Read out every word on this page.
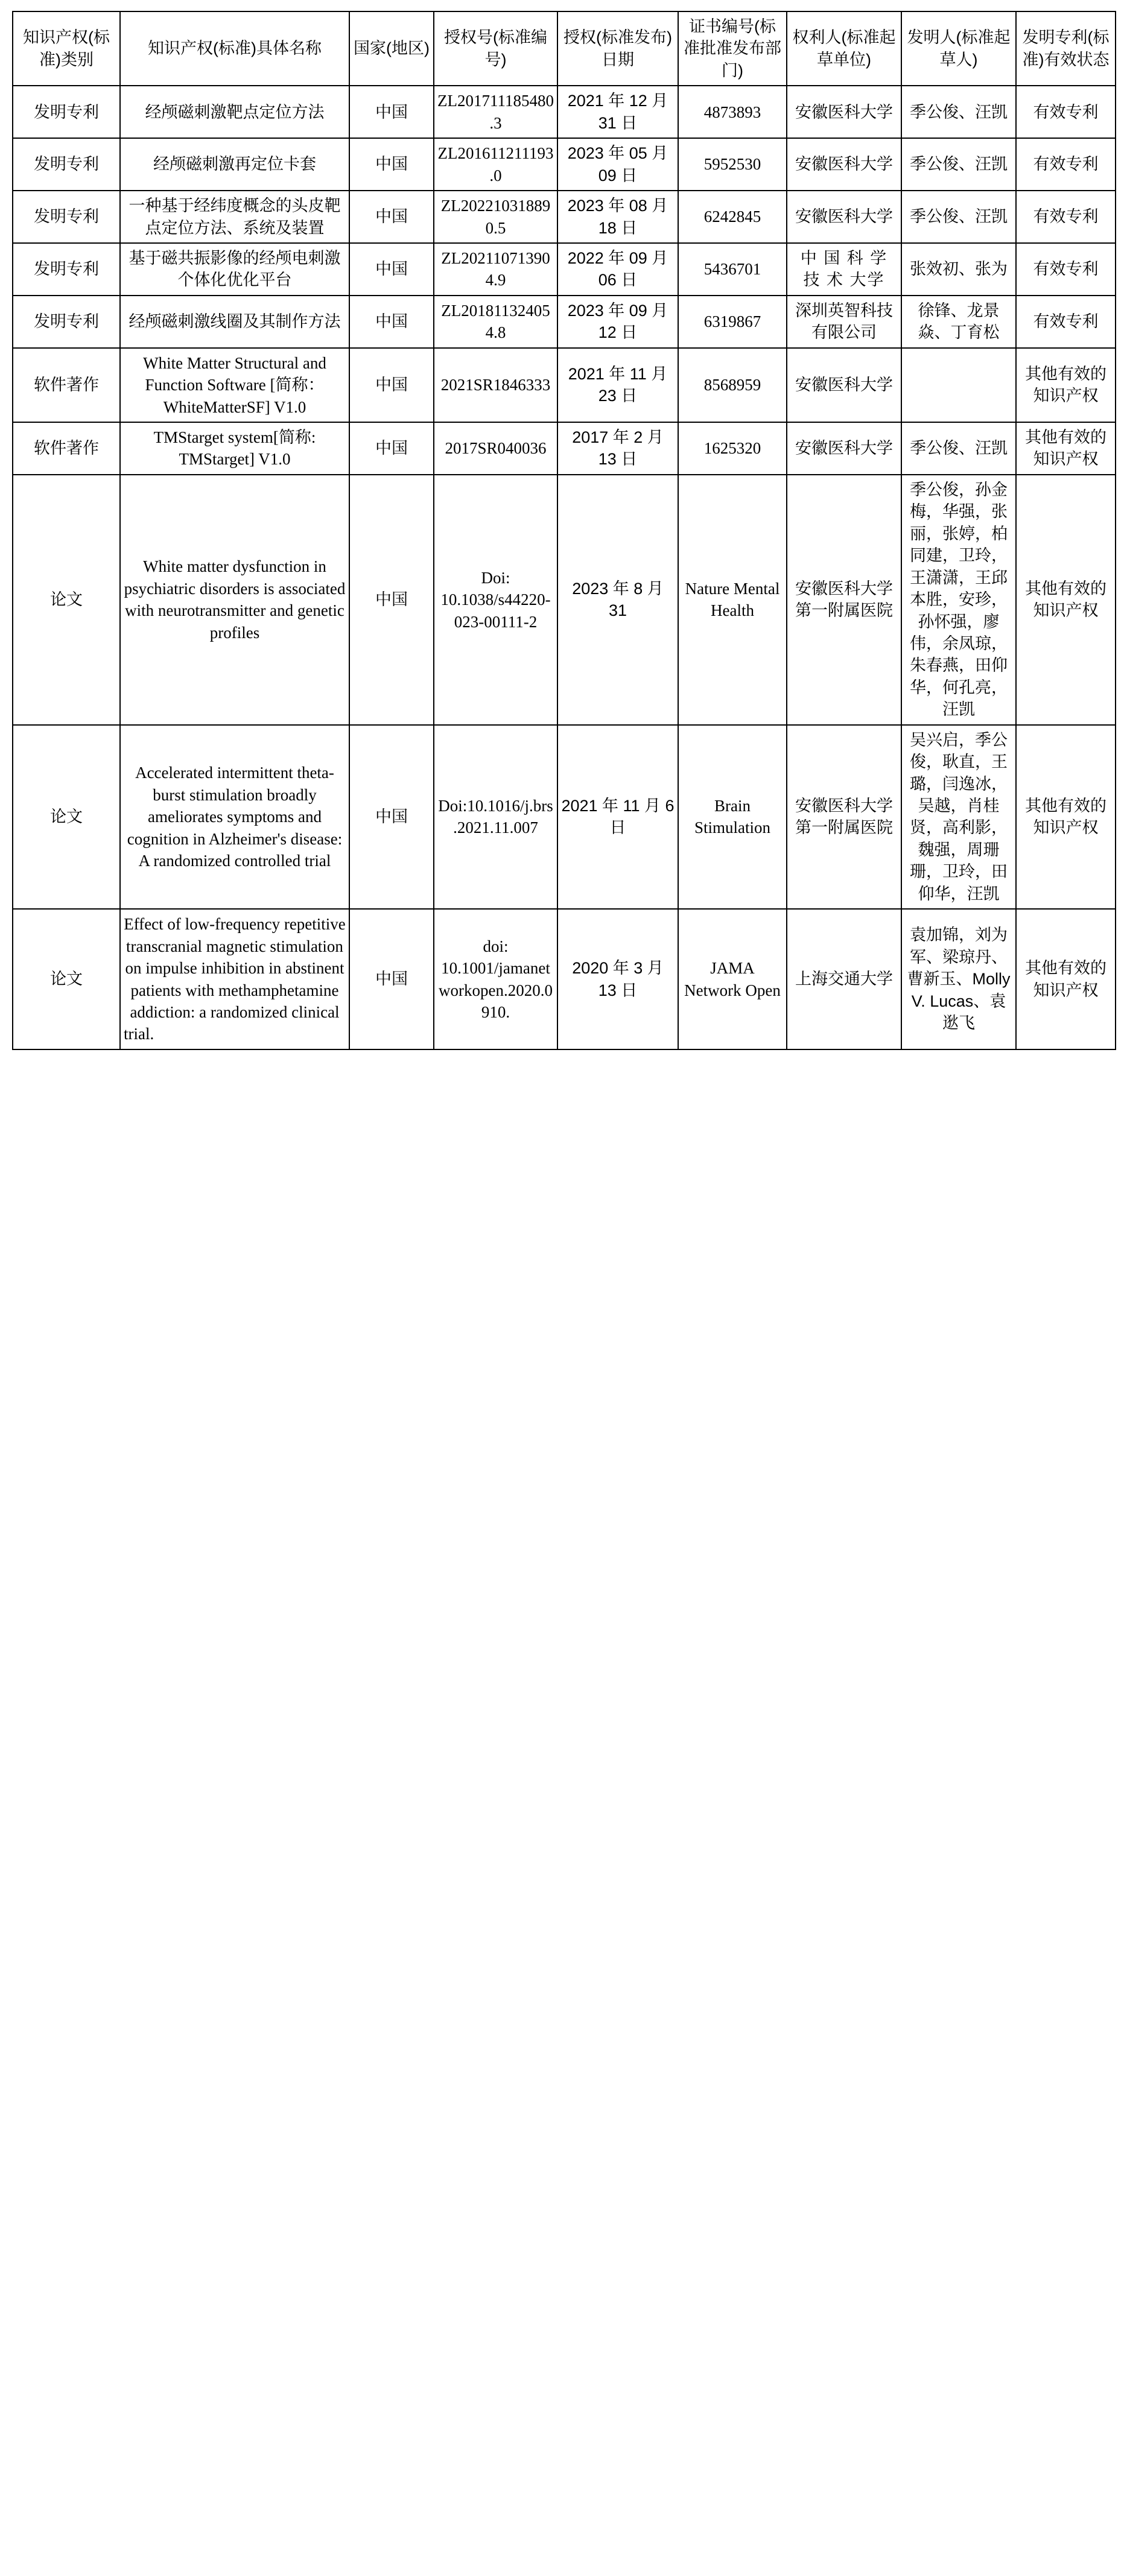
知识产权(标准)类别	知识产权(标准)具体名称	国家(地区)	授权号(标准编号)	授权(标准发布)日期	证书编号(标准批准发布部门)	权利人(标准起草单位)	发明人(标准起草人)	发明专利(标准)有效状态
发明专利	经颅磁刺激靶点定位方法	中国	ZL201711185480.3	2021 年 12 月 31 日	4873893	安徽医科大学	季公俊、汪凯	有效专利
发明专利	经颅磁刺激再定位卡套	中国	ZL201611211193.0	2023 年 05 月 09 日	5952530	安徽医科大学	季公俊、汪凯	有效专利
发明专利	一种基于经纬度概念的头皮靶点定位方法、系统及装置	中国	ZL202210318890.5	2023 年 08 月 18 日	6242845	安徽医科大学	季公俊、汪凯	有效专利
发明专利	基于磁共振影像的经颅电刺激个体化优化平台	中国	ZL202110713904.9	2022 年 09 月 06 日	5436701	中 国 科 学 技 术 大学	张效初、张为	有效专利
发明专利	经颅磁刺激线圈及其制作方法	中国	ZL201811324054.8	2023 年 09 月 12 日	6319867	深圳英智科技有限公司	徐锋、龙景焱、丁育松	有效专利
软件著作	White Matter Structural and Function Software [简称：WhiteMatterSF] V1.0	中国	2021SR1846333	2021 年 11 月 23 日	8568959	安徽医科大学		其他有效的知识产权
软件著作	TMStarget system[简称: TMStarget] V1.0	中国	2017SR040036	2017 年 2 月 13 日	1625320	安徽医科大学	季公俊、汪凯	其他有效的知识产权
论文	White matter dysfunction in psychiatric disorders is associated with neurotransmitter and genetic profiles	中国	Doi: 10.1038/s44220-023-00111-2	2023 年 8 月 31	Nature Mental Health	安徽医科大学第一附属医院	季公俊，孙金梅，华强，张丽，张婷，柏同建，卫玲，王潇潇，王邱本胜，安珍，孙怀强，廖伟，余凤琼，朱春燕，田仰华，何孔亮，汪凯	其他有效的知识产权
论文	Accelerated intermittent theta-burst stimulation broadly ameliorates symptoms and cognition in Alzheimer's disease: A randomized controlled trial	中国	Doi:10.1016/j.brs.2021.11.007	2021 年 11 月 6 日	Brain Stimulation	安徽医科大学第一附属医院	吴兴启，季公俊，耿直，王璐，闫逸冰，吴越，肖桂贤，高利影，魏强，周珊珊，卫玲，田仰华，汪凯	其他有效的知识产权
论文	Effect of low-frequency repetitive transcranial magnetic stimulation on impulse inhibition in abstinent patients with methamphetamine addiction: a randomized clinical trial.	中国	doi: 10.1001/jamanetworkopen.2020.0910.	2020 年 3 月 13 日	JAMA Network Open	上海交通大学	袁加锦，刘为军、梁琼丹、曹新玉、Molly V. Lucas、袁逖飞	其他有效的知识产权
